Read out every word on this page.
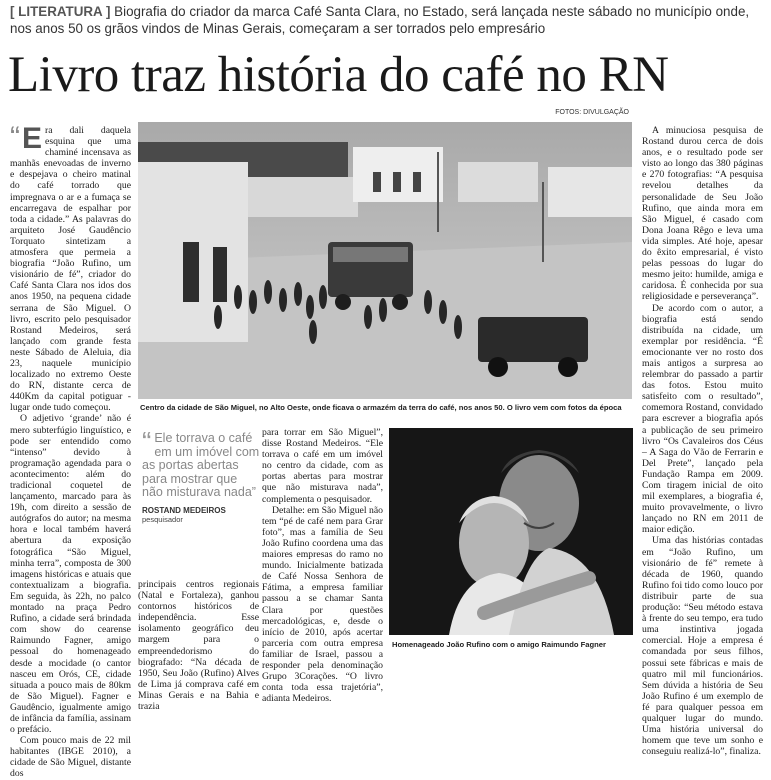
[ LITERATURA ] Biografia do criador da marca Café Santa Clara, no Estado, será lançada neste sábado no município onde, nos anos 50 os grãos vindos de Minas Gerais, começaram a ser torrados pelo empresário
Livro traz história do café no RN
FOTOS: DIVULGAÇÃO
“ E ra dali daquela esquina que uma chaminé incensava as manhãs enevoadas de inverno e despejava o cheiro matinal do café torrado que impregnava o ar e a fumaça se encarregava de espalhar por toda a cidade.” As palavras do arquiteto José Gaudêncio Torquato sintetizam a atmosfera que permeia a biografia “João Rufino, um visionário de fé”, criador do Café Santa Clara nos idos dos anos 1950, na pequena cidade serrana de São Miguel. O livro, escrito pelo pesquisador Rostand Medeiros, será lançado com grande festa neste Sábado de Aleluia, dia 23, naquele município localizado no extremo Oeste do RN, distante cerca de 440Km da capital potiguar - lugar onde tudo começou.

O adjetivo ‘grande’ não é mero subterfúgio linguístico, e pode ser entendido como “intenso” devido à programação agendada para o acontecimento: além do tradicional coquetel de lançamento, marcado para às 19h, com direito a sessão de autógrafos do autor; na mesma hora e local também haverá abertura da exposição fotográfica “São Miguel, minha terra”, composta de 300 imagens históricas e atuais que contextualizam a biografia. Em seguida, às 22h, no palco montado na praça Pedro Rufino, a cidade será brindada com show do cearense Raimundo Fagner, amigo pessoal do homenageado desde a mocidade (o cantor nasceu em Orós, CE, cidade situada a pouco mais de 80km de São Miguel). Fagner e Gaudêncio, igualmente amigo de infância da família, assinam o prefácio.

Com pouco mais de 22 mil habitantes (IBGE 2010), a cidade de São Miguel, distante dos

Centro da cidade de São Miguel, no Alto Oeste, onde ficava o armazém da terra do café, nos anos 50. O livro vem com fotos da época
“ Ele torrava o café em um imóvel com as portas abertas para mostrar que não misturava nada”
ROSTAND MEDEIROS
pesquisador

principais centros regionais (Natal e Fortaleza), ganhou contornos históricos de independência. Esse isolamento geográfico deu margem para o empreendedorismo do biografado: “Na década de 1950, Seu João (Rufino) Alves de Lima já comprava café em Minas Gerais e na Bahia e trazia

para torrar em São Miguel”, disse Rostand Medeiros. “Ele torrava o café em um imóvel no centro da cidade, com as portas abertas para mostrar que não misturava nada”, complementa o pesquisador.

Detalhe: em São Miguel não tem “pé de café nem para Grar foto”, mas a família de Seu João Rufino coordena uma das maiores empresas do ramo no mundo. Inicialmente batizada de Café Nossa Senhora de Fátima, a empresa familiar passou a se chamar Santa Clara por questões mercadológicas, e, desde o início de 2010, após acertar parceria com outra empresa familiar de Israel, passou a responder pela denominação Grupo 3Corações. “O livro conta toda essa trajetória”, adianta Medeiros.

Homenageado João Rufino com o amigo Raimundo Fagner

A minuciosa pesquisa de Rostand durou cerca de dois anos, e o resultado pode ser visto ao longo das 380 páginas e 270 fotografias: “A pesquisa revelou detalhes da personalidade de Seu João Rufino, que ainda mora em São Miguel, é casado com Dona Joana Rêgo e leva uma vida simples. Até hoje, apesar do êxito empresarial, é visto pelas pessoas do lugar do mesmo jeito: humilde, amiga e caridosa. É conhecida por sua religiosidade e perseverança”.

De acordo com o autor, a biografia está sendo distribuída na cidade, um exemplar por residência. “É emocionante ver no rosto dos mais antigos a surpresa ao relembrar do passado a partir das fotos. Estou muito satisfeito com o resultado”, comemora Rostand, convidado para escrever a biografia após a publicação de seu primeiro livro “Os Cavaleiros dos Céus – A Saga do Vão de Ferrarin e Del Prete”, lançado pela Fundação Rampa em 2009. Com tiragem inicial de oito mil exemplares, a biografia é, muito provavelmente, o livro lançado no RN em 2011 de maior edição.

Uma das histórias contadas em “João Rufino, um visionário de fé” remete à década de 1960, quando Rufino foi tido como louco por distribuir parte de sua produção: “Seu método estava à frente do seu tempo, era tudo uma instintiva jogada comercial. Hoje a empresa é comandada por seus filhos, possui sete fábricas e mais de quatro mil mil funcionários. Sem dúvida a história de Seu João Rufino é um exemplo de fé para qualquer pessoa em qualquer lugar do mundo. Uma história universal do homem que teve um sonho e conseguiu realizá-lo”, finaliza.
